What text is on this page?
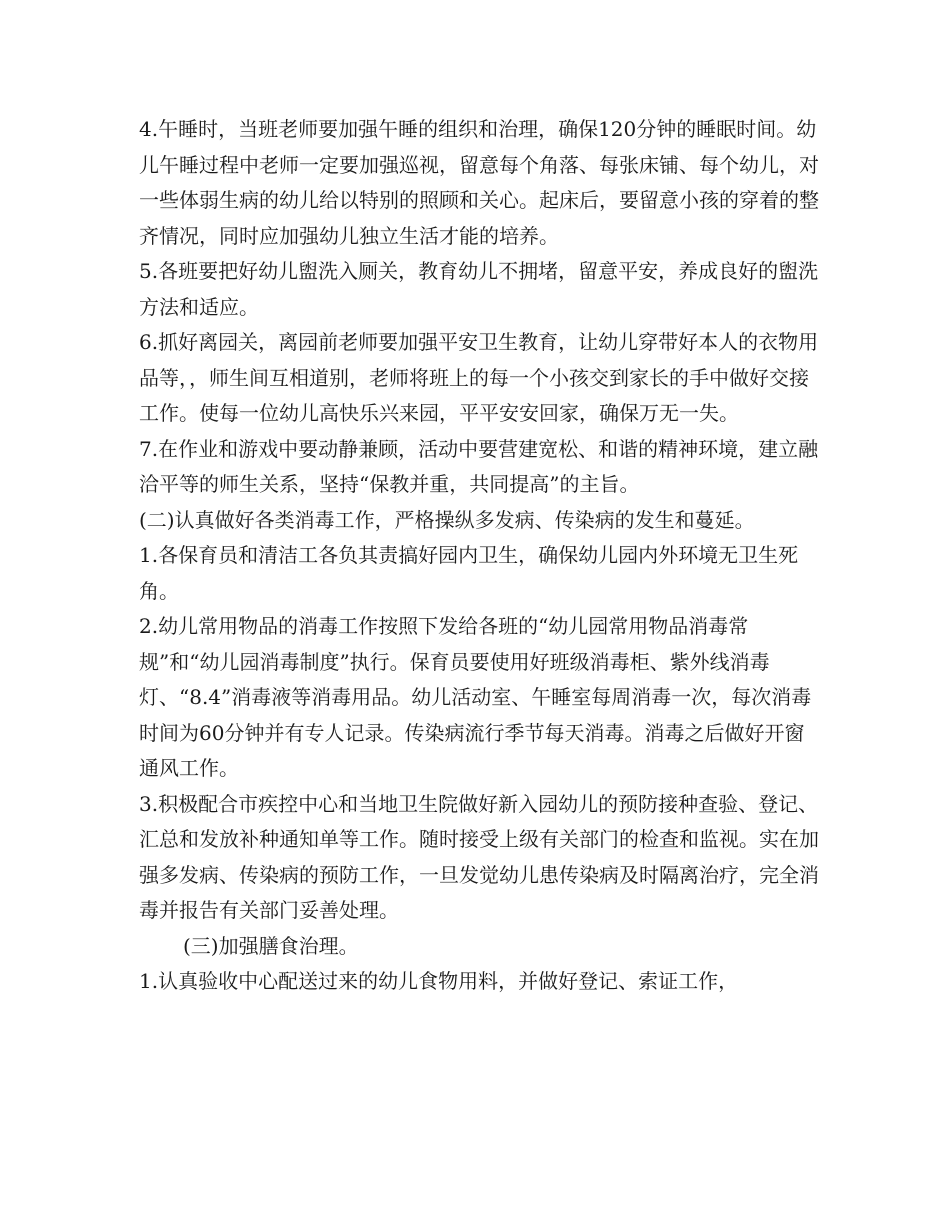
4.午睡时，当班老师要加强午睡的组织和治理，确保120分钟的睡眠时间。幼儿午睡过程中老师一定要加强巡视，留意每个角落、每张床铺、每个幼儿，对一些体弱生病的幼儿给以特别的照顾和关心。起床后，要留意小孩的穿着的整齐情况，同时应加强幼儿独立生活才能的培养。

5.各班要把好幼儿盥洗入厕关，教育幼儿不拥堵，留意平安，养成良好的盥洗方法和适应。

6.抓好离园关，离园前老师要加强平安卫生教育，让幼儿穿带好本人的衣物用品等，，师生间互相道别，老师将班上的每一个小孩交到家长的手中做好交接工作。使每一位幼儿高快乐兴来园，平平安安回家，确保万无一失。

7.在作业和游戏中要动静兼顾，活动中要营建宽松、和谐的精神环境，建立融洽平等的师生关系，坚持“保教并重，共同提高”的主旨。

(二)认真做好各类消毒工作，严格操纵多发病、传染病的发生和蔓延。

1.各保育员和清洁工各负其责搞好园内卫生，确保幼儿园内外环境无卫生死角。

2.幼儿常用物品的消毒工作按照下发给各班的“幼儿园常用物品消毒常规”和“幼儿园消毒制度”执行。保育员要使用好班级消毒柜、紫外线消毒灯、“8.4”消毒液等消毒用品。幼儿活动室、午睡室每周消毒一次，每次消毒时间为60分钟并有专人记录。传染病流行季节每天消毒。消毒之后做好开窗通风工作。

3.积极配合市疾控中心和当地卫生院做好新入园幼儿的预防接种查验、登记、汇总和发放补种通知单等工作。随时接受上级有关部门的检查和监视。实在加强多发病、传染病的预防工作，一旦发觉幼儿患传染病及时隔离治疗，完全消毒并报告有关部门妥善处理。

(三)加强膳食治理。

1.认真验收中心配送过来的幼儿食物用料，并做好登记、索证工作，
